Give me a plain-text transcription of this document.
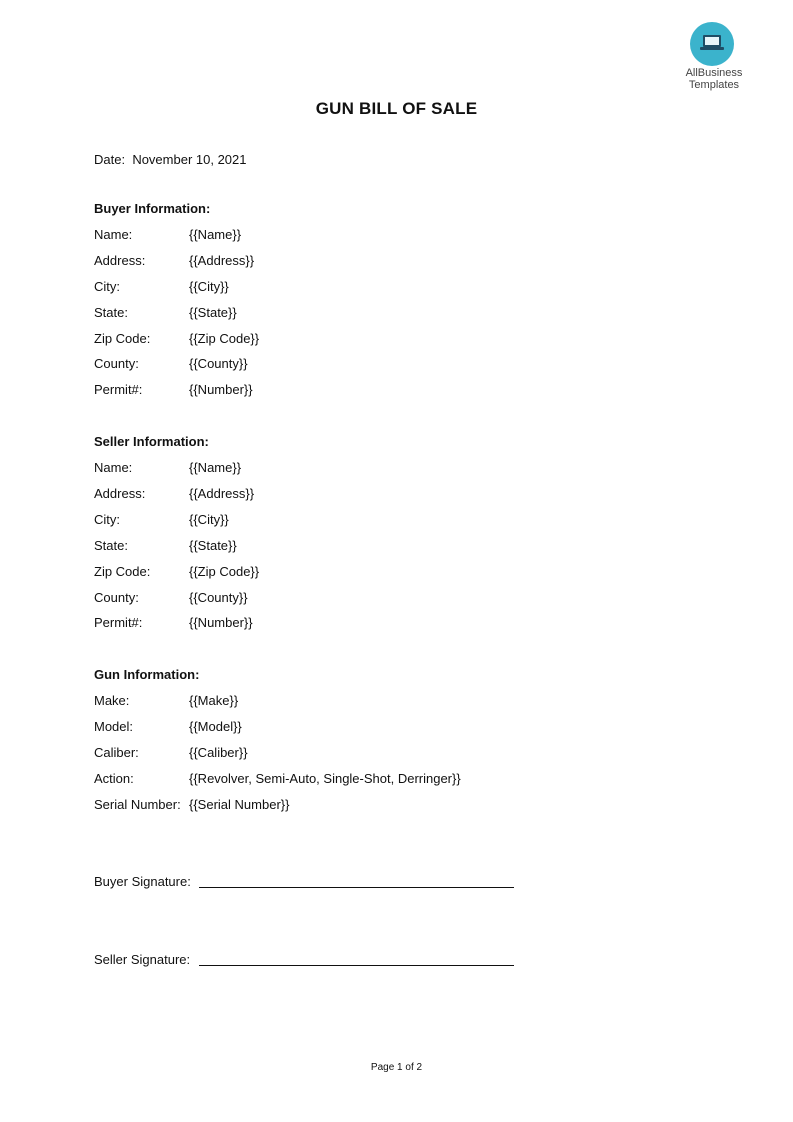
AllBusiness
Templates
GUN BILL OF SALE
Date: November 10, 2021
Buyer Information:
Name:	{{Name}}
Address:	{{Address}}
City:	{{City}}
State:	{{State}}
Zip Code:	{{Zip Code}}
County:	{{County}}
Permit#:	{{Number}}
Seller Information:
Name:	{{Name}}
Address:	{{Address}}
City:	{{City}}
State:	{{State}}
Zip Code:	{{Zip Code}}
County:	{{County}}
Permit#:	{{Number}}
Gun Information:
Make:	{{Make}}
Model:	{{Model}}
Caliber:	{{Caliber}}
Action:	{{Revolver, Semi-Auto, Single-Shot, Derringer}}
Serial Number: {{Serial Number}}
Buyer Signature:
Seller Signature:
Page 1 of 2
